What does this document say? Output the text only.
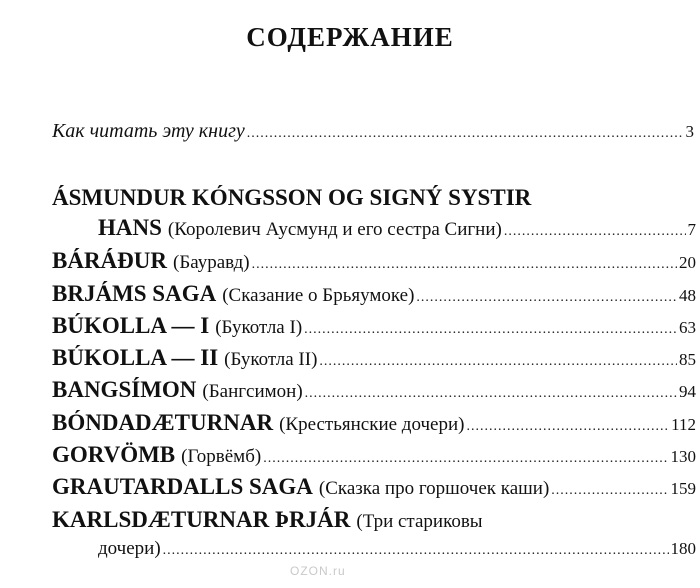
СОДЕРЖАНИЕ
Как читать эту книгу .....	3
ÁSMUNDUR KÓNGSSON OG SIGNÝ SYSTIR
HANS (Королевич Аусмунд и его сестра Сигни) .....	7
BÁRÁÐUR (Бауравд) .....	20
BRJÁMS SAGA (Сказание о Брьяумоке) .....	48
BÚKOLLA — I (Букотла I) .....	63
BÚKOLLA — II (Букотла II) .....	85
BANGSÍMON (Бангсимон) .....	94
BÓNDADÆTURNAR (Крестьянские дочери) .....	112
GORVÖMB (Горвёмб) .....	130
GRAUTARDALLS SAGA (Сказка про горшочек каши) .....	159
KARLSDÆTURNAR ÞRJÁR (Три стариковы
дочери) .....	180
OZON.ru
